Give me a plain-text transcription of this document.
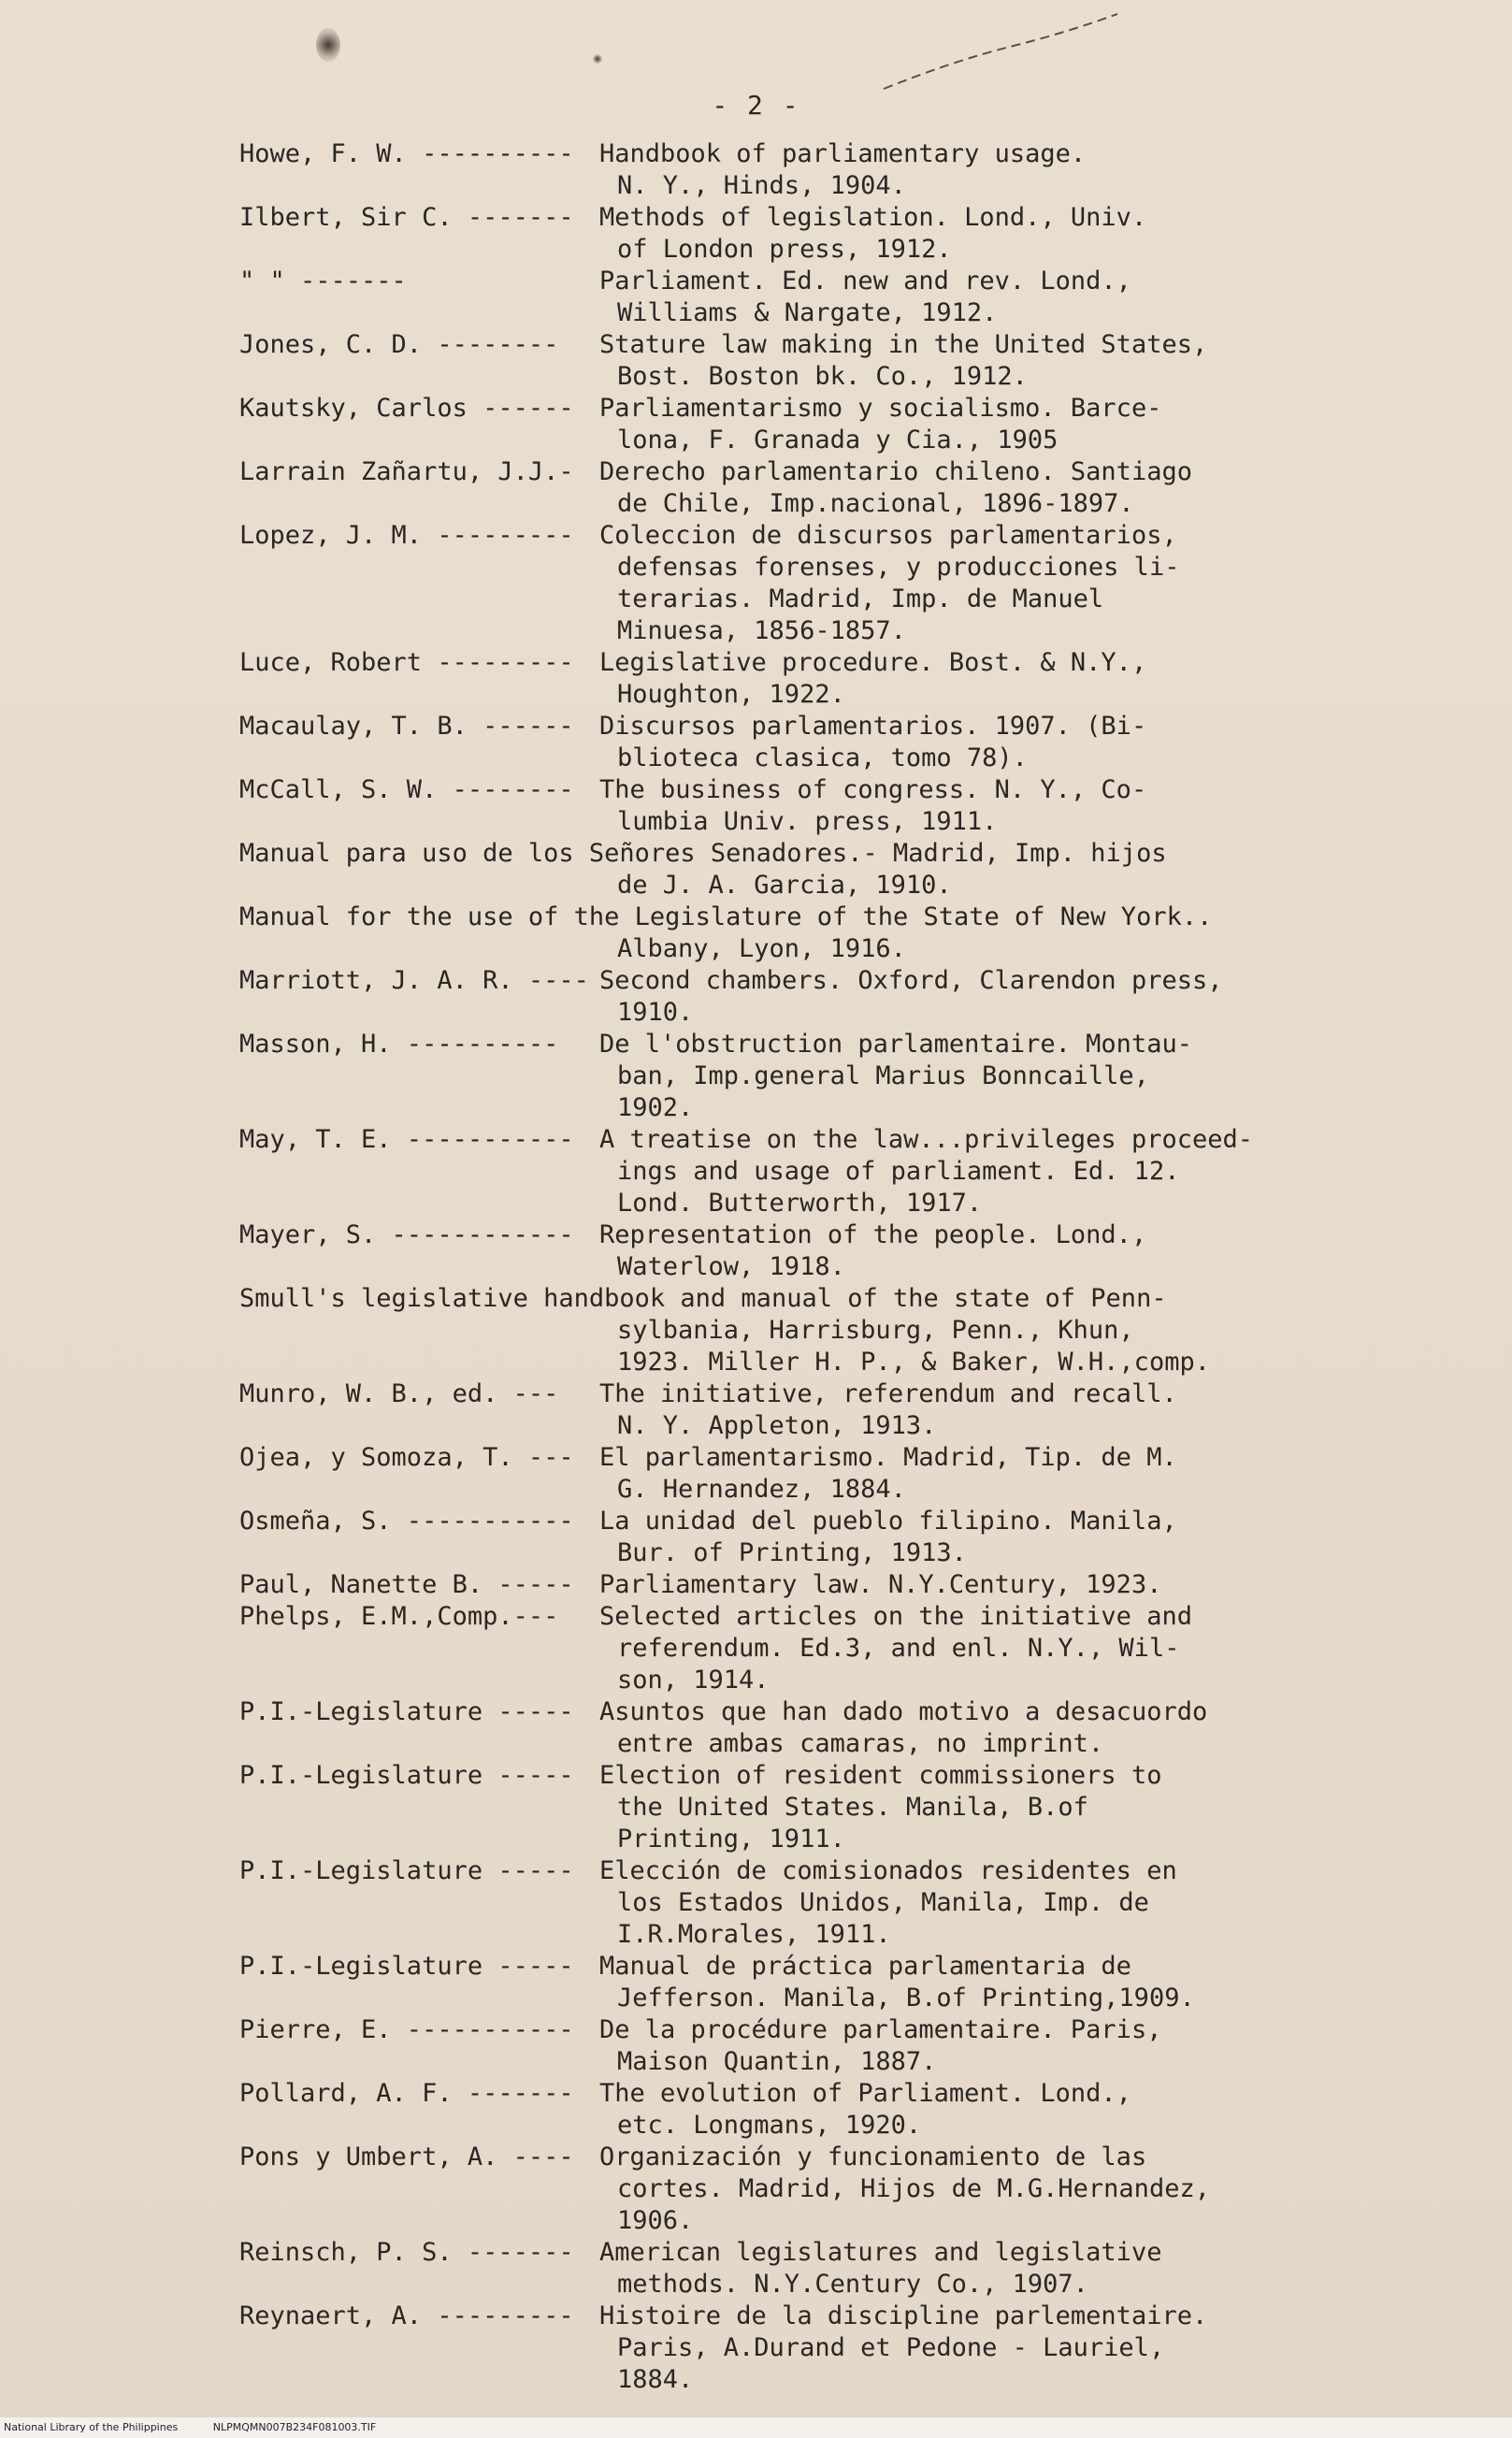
- 2 -
Howe, F. W. ---------- Handbook of parliamentary usage.
N. Y., Hinds, 1904.
Ilbert, Sir C. ------- Methods of legislation. Lond., Univ.
of London press, 1912.
" " -------	Parliament. Ed. new and rev. Lond.,
Williams & Nargate, 1912.
Jones, C. D. -------- Stature law making in the United States,
Bost. Boston bk. Co., 1912.
Kautsky, Carlos ------ Parliamentarismo y socialismo. Barce-
lona, F. Granada y Cia., 1905
Larrain Zañartu, J.J.- Derecho parlamentario chileno. Santiago
de Chile, Imp.nacional, 1896-1897.
Lopez, J. M. --------- Coleccion de discursos parlamentarios,
defensas forenses, y producciones li-
terarias. Madrid, Imp. de Manuel
Minuesa, 1856-1857.
Luce, Robert --------- Legislative procedure. Bost. & N.Y.,
Houghton, 1922.
Macaulay, T. B. ------ Discursos parlamentarios. 1907. (Bi-
blioteca clasica, tomo 78).
McCall, S. W. -------- The business of congress. N. Y., Co-
lumbia Univ. press, 1911.
Manual para uso de los Señores Senadores.- Madrid, Imp. hijos
de J. A. Garcia, 1910.
Manual for the use of the Legislature of the State of New York..
Albany, Lyon, 1916.
Marriott, J. A. R. ---- Second chambers. Oxford, Clarendon press,
1910.
Masson, H. ---------- De l'obstruction parlamentaire. Montau-
ban, Imp.general Marius Bonncaille,
1902.
May, T. E. ----------- A treatise on the law...privileges proceed-
ings and usage of parliament. Ed. 12.
Lond. Butterworth, 1917.
Mayer, S. ------------ Representation of the people. Lond.,
Waterlow, 1918.
Smull's legislative handbook and manual of the state of Penn-
sylbania, Harrisburg, Penn., Khun,
1923. Miller H. P., & Baker, W.H.,comp.
Munro, W. B., ed. --- The initiative, referendum and recall.
N. Y. Appleton, 1913.
Ojea, y Somoza, T. --- El parlamentarismo. Madrid, Tip. de M.
G. Hernandez, 1884.
Osmeña, S. ----------- La unidad del pueblo filipino. Manila,
Bur. of Printing, 1913.
Paul, Nanette B. ----- Parliamentary law. N.Y.Century, 1923.
Phelps, E.M.,Comp.--- Selected articles on the initiative and
referendum. Ed.3, and enl. N.Y., Wil-
son, 1914.
P.I.-Legislature ----- Asuntos que han dado motivo a desacuordo
entre ambas camaras, no imprint.
P.I.-Legislature ----- Election of resident commissioners to
the United States. Manila, B.of
Printing, 1911.
P.I.-Legislature ----- Elección de comisionados residentes en
los Estados Unidos, Manila, Imp. de
I.R.Morales, 1911.
P.I.-Legislature ----- Manual de práctica parlamentaria de
Jefferson. Manila, B.of Printing,1909.
Pierre, E. ----------- De la procédure parlamentaire. Paris,
Maison Quantin, 1887.
Pollard, A. F. ------- The evolution of Parliament. Lond.,
etc. Longmans, 1920.
Pons y Umbert, A. ---- Organización y funcionamiento de las
cortes. Madrid, Hijos de M.G.Hernandez,
1906.
Reinsch, P. S. ------- American legislatures and legislative
methods. N.Y.Century Co., 1907.
Reynaert, A. --------- Histoire de la discipline parlementaire.
Paris, A.Durand et Pedone - Lauriel,
1884.
National Library of the Philippines	NLPMQMN007B234F081003.TIF
